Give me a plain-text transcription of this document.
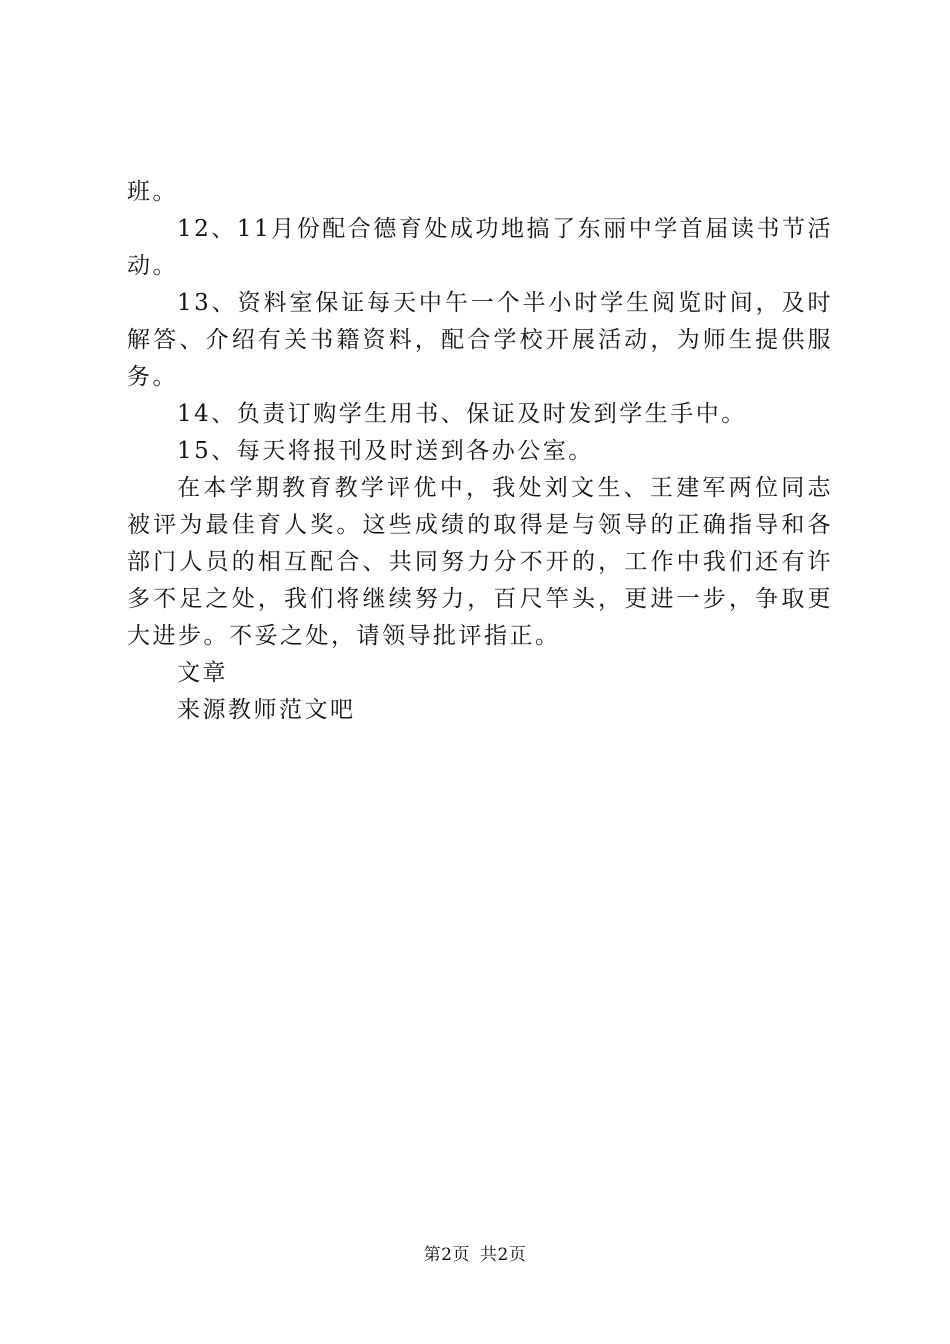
班。

12、11月份配合德育处成功地搞了东丽中学首届读书节活动。

13、资料室保证每天中午一个半小时学生阅览时间，及时解答、介绍有关书籍资料，配合学校开展活动，为师生提供服务。

14、负责订购学生用书、保证及时发到学生手中。

15、每天将报刊及时送到各办公室。

在本学期教育教学评优中，我处刘文生、王建军两位同志被评为最佳育人奖。这些成绩的取得是与领导的正确指导和各部门人员的相互配合、共同努力分不开的，工作中我们还有许多不足之处，我们将继续努力，百尺竿头，更进一步，争取更大进步。不妥之处，请领导批评指正。

文章

来源教师范文吧

第2页 共2页
